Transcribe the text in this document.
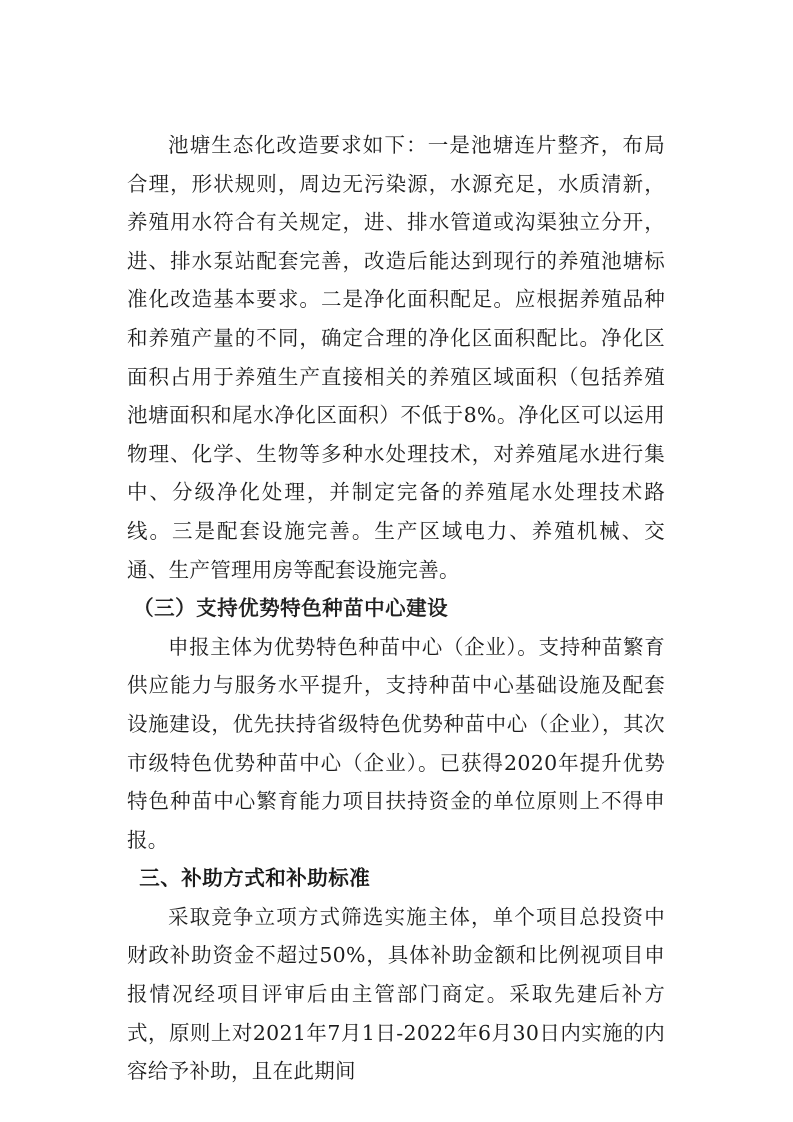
池塘生态化改造要求如下：一是池塘连片整齐，布局合理，形状规则，周边无污染源，水源充足，水质清新，养殖用水符合有关规定，进、排水管道或沟渠独立分开，进、排水泵站配套完善，改造后能达到现行的养殖池塘标准化改造基本要求。二是净化面积配足。应根据养殖品种和养殖产量的不同，确定合理的净化区面积配比。净化区面积占用于养殖生产直接相关的养殖区域面积（包括养殖池塘面积和尾水净化区面积）不低于8%。净化区可以运用物理、化学、生物等多种水处理技术，对养殖尾水进行集中、分级净化处理，并制定完备的养殖尾水处理技术路线。三是配套设施完善。生产区域电力、养殖机械、交通、生产管理用房等配套设施完善。

（三）支持优势特色种苗中心建设

申报主体为优势特色种苗中心（企业）。支持种苗繁育供应能力与服务水平提升，支持种苗中心基础设施及配套设施建设，优先扶持省级特色优势种苗中心（企业），其次市级特色优势种苗中心（企业）。已获得2020年提升优势特色种苗中心繁育能力项目扶持资金的单位原则上不得申报。

三、补助方式和补助标准

采取竞争立项方式筛选实施主体，单个项目总投资中财政补助资金不超过50%，具体补助金额和比例视项目申报情况经项目评审后由主管部门商定。采取先建后补方式，原则上对2021年7月1日-2022年6月30日内实施的内容给予补助，且在此期间
